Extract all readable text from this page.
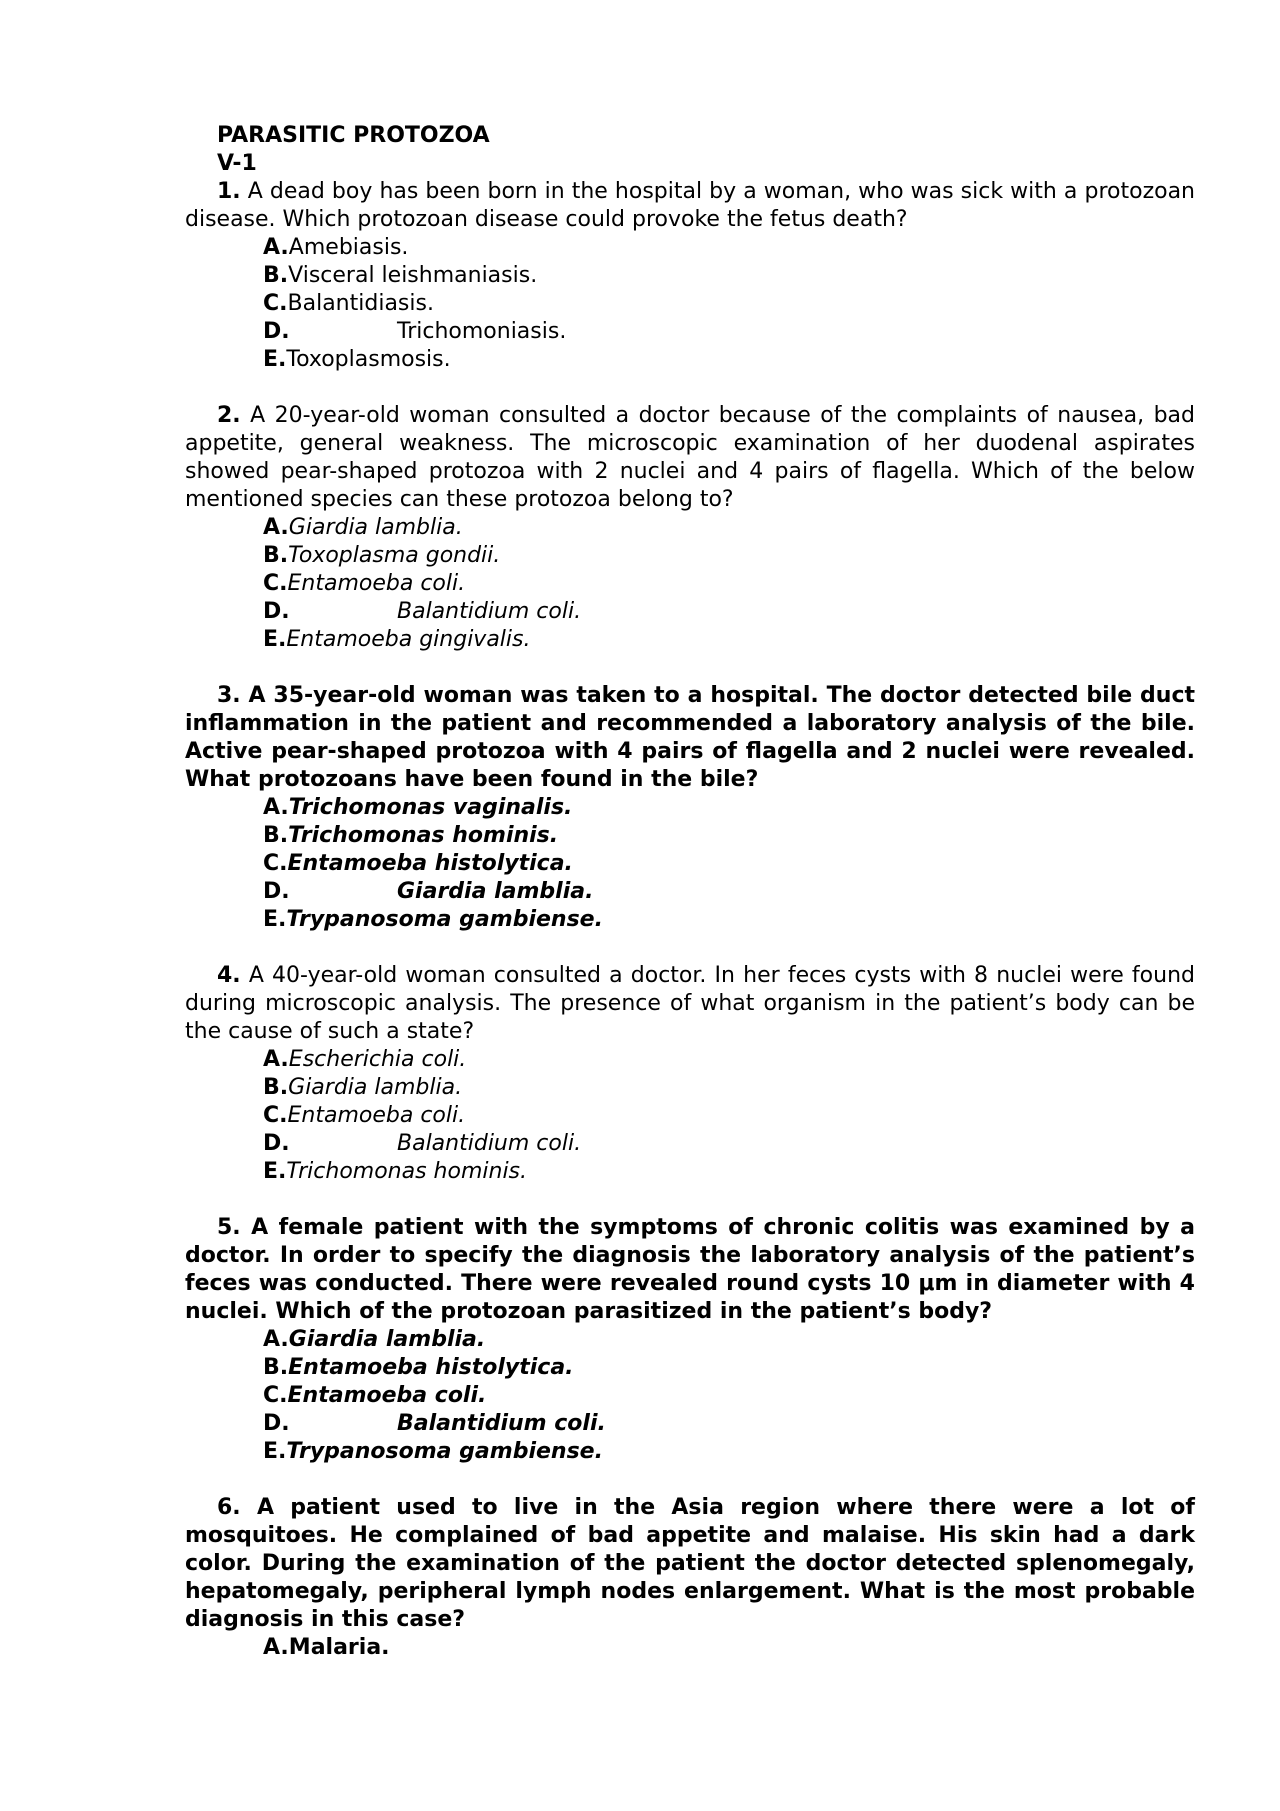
PARASITIC PROTOZOA
V-1
1. A dead boy has been born in the hospital by a woman, who was sick with a protozoan disease. Which protozoan disease could provoke the fetus death?
A.Amebiasis.
B.Visceral leishmaniasis.
C.Balantidiasis.
D.	Trichomoniasis.
E.Toxoplasmosis.
2. A 20-year-old woman consulted a doctor because of the complaints of nausea, bad appetite, general weakness. The microscopic examination of her duodenal aspirates showed pear-shaped protozoa with 2 nuclei and 4 pairs of flagella. Which of the below mentioned species can these protozoa belong to?
A.Giardia lamblia.
B.Toxoplasma gondii.
C.Entamoeba coli.
D.	Balantidium coli.
E.Entamoeba gingivalis.
3. A 35-year-old woman was taken to a hospital. The doctor detected bile duct inflammation in the patient and recommended a laboratory analysis of the bile. Active pear-shaped protozoa with 4 pairs of flagella and 2 nuclei were revealed. What protozoans have been found in the bile?
A.Trichomonas vaginalis.
B.Trichomonas hominis.
C.Entamoeba histolytica.
D.	Giardia lamblia.
E.Trypanosoma gambiense.
4. A 40-year-old woman consulted a doctor. In her feces cysts with 8 nuclei were found during microscopic analysis. The presence of what organism in the patient’s body can be the cause of such a state?
A.Escherichia coli.
B.Giardia lamblia.
C.Entamoeba coli.
D.	Balantidium coli.
E.Trichomonas hominis.
5. A female patient with the symptoms of chronic colitis was examined by a doctor. In order to specify the diagnosis the laboratory analysis of the patient’s feces was conducted. There were revealed round cysts 10 μm in diameter with 4 nuclei. Which of the protozoan parasitized in the patient’s body?
A.Giardia lamblia.
B.Entamoeba histolytica.
C.Entamoeba coli.
D.	Balantidium coli.
E.Trypanosoma gambiense.
6. A patient used to live in the Asia region where there were a lot of mosquitoes. He complained of bad appetite and malaise. His skin had a dark color. During the examination of the patient the doctor detected splenomegaly, hepatomegaly, peripheral lymph nodes enlargement. What is the most probable diagnosis in this case?
A.Malaria.
